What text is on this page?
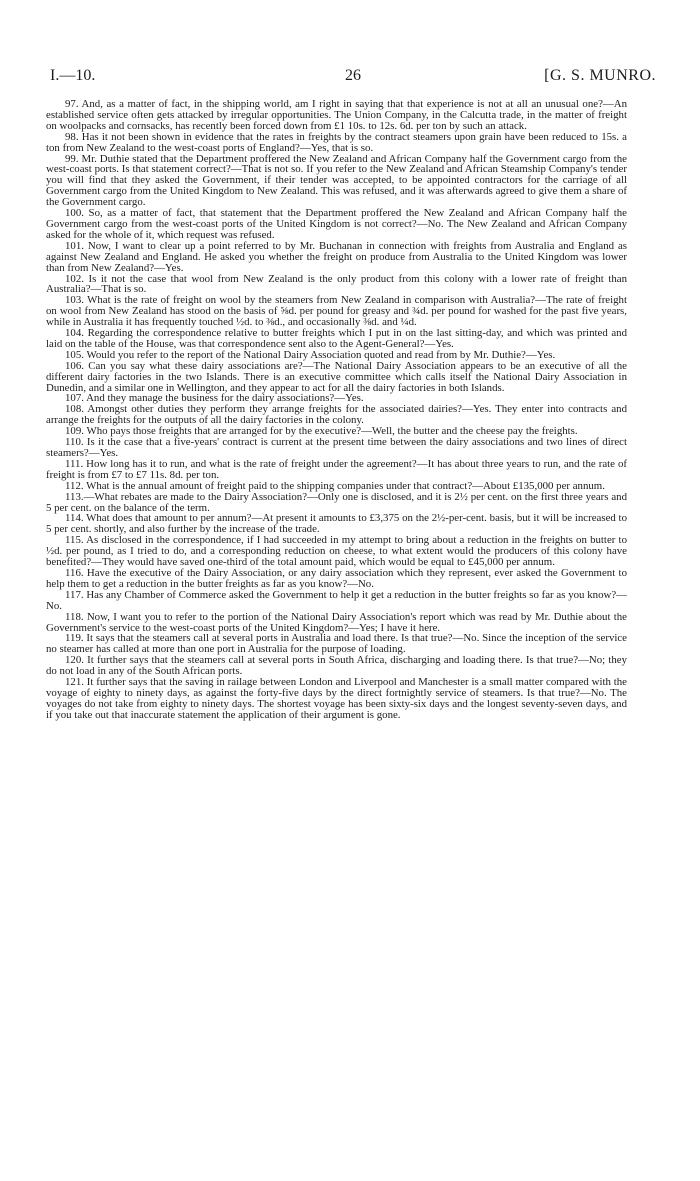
I.—10.	26	[G. S. MUNRO.

97. And, as a matter of fact, in the shipping world, am I right in saying that that experience is not at all an unusual one?—An established service often gets attacked by irregular opportunities. The Union Company, in the Calcutta trade, in the matter of freight on woolpacks and cornsacks, has recently been forced down from £1 10s. to 12s. 6d. per ton by such an attack.

98. Has it not been shown in evidence that the rates in freights by the contract steamers upon grain have been reduced to 15s. a ton from New Zealand to the west-coast ports of England?—Yes, that is so.

99. Mr. Duthie stated that the Department proffered the New Zealand and African Company half the Government cargo from the west-coast ports. Is that statement correct?—That is not so. If you refer to the New Zealand and African Steamship Company's tender you will find that they asked the Government, if their tender was accepted, to be appointed contractors for the carriage of all Government cargo from the United Kingdom to New Zealand. This was refused, and it was afterwards agreed to give them a share of the Government cargo.

100. So, as a matter of fact, that statement that the Department proffered the New Zealand and African Company half the Government cargo from the west-coast ports of the United Kingdom is not correct?—No. The New Zealand and African Company asked for the whole of it, which request was refused.

101. Now, I want to clear up a point referred to by Mr. Buchanan in connection with freights from Australia and England as against New Zealand and England. He asked you whether the freight on produce from Australia to the United Kingdom was lower than from New Zealand?—Yes.

102. Is it not the case that wool from New Zealand is the only product from this colony with a lower rate of freight than Australia?—That is so.

103. What is the rate of freight on wool by the steamers from New Zealand in comparison with Australia?—The rate of freight on wool from New Zealand has stood on the basis of ⅝d. per pound for greasy and ¾d. per pound for washed for the past five years, while in Australia it has frequently touched ½d. to ⅜d., and occasionally ⅜d. and ¼d.

104. Regarding the correspondence relative to butter freights which I put in on the last sitting-day, and which was printed and laid on the table of the House, was that correspondence sent also to the Agent-General?—Yes.

105. Would you refer to the report of the National Dairy Association quoted and read from by Mr. Duthie?—Yes.

106. Can you say what these dairy associations are?—The National Dairy Association appears to be an executive of all the different dairy factories in the two Islands. There is an executive committee which calls itself the National Dairy Association in Dunedin, and a similar one in Wellington, and they appear to act for all the dairy factories in both Islands.

107. And they manage the business for the dairy associations?—Yes.

108. Amongst other duties they perform they arrange freights for the associated dairies?—Yes. They enter into contracts and arrange the freights for the outputs of all the dairy factories in the colony.

109. Who pays those freights that are arranged for by the executive?—Well, the butter and the cheese pay the freights.

110. Is it the case that a five-years' contract is current at the present time between the dairy associations and two lines of direct steamers?—Yes.

111. How long has it to run, and what is the rate of freight under the agreement?—It has about three years to run, and the rate of freight is from £7 to £7 11s. 8d. per ton.

112. What is the annual amount of freight paid to the shipping companies under that contract?—About £135,000 per annum.

113.—What rebates are made to the Dairy Association?—Only one is disclosed, and it is 2½ per cent. on the first three years and 5 per cent. on the balance of the term.

114. What does that amount to per annum?—At present it amounts to £3,375 on the 2½-per-cent. basis, but it will be increased to 5 per cent. shortly, and also further by the increase of the trade.

115. As disclosed in the correspondence, if I had succeeded in my attempt to bring about a reduction in the freights on butter to ½d. per pound, as I tried to do, and a corresponding reduction on cheese, to what extent would the producers of this colony have benefited?—They would have saved one-third of the total amount paid, which would be equal to £45,000 per annum.

116. Have the executive of the Dairy Association, or any dairy association which they represent, ever asked the Government to help them to get a reduction in the butter freights as far as you know?—No.

117. Has any Chamber of Commerce asked the Government to help it get a reduction in the butter freights so far as you know?—No.

118. Now, I want you to refer to the portion of the National Dairy Association's report which was read by Mr. Duthie about the Government's service to the west-coast ports of the United Kingdom?—Yes; I have it here.

119. It says that the steamers call at several ports in Australia and load there. Is that true?—No. Since the inception of the service no steamer has called at more than one port in Australia for the purpose of loading.

120. It further says that the steamers call at several ports in South Africa, discharging and loading there. Is that true?—No; they do not load in any of the South African ports.

121. It further says that the saving in railage between London and Liverpool and Manchester is a small matter compared with the voyage of eighty to ninety days, as against the forty-five days by the direct fortnightly service of steamers. Is that true?—No. The voyages do not take from eighty to ninety days. The shortest voyage has been sixty-six days and the longest seventy-seven days, and if you take out that inaccurate statement the application of their argument is gone.
